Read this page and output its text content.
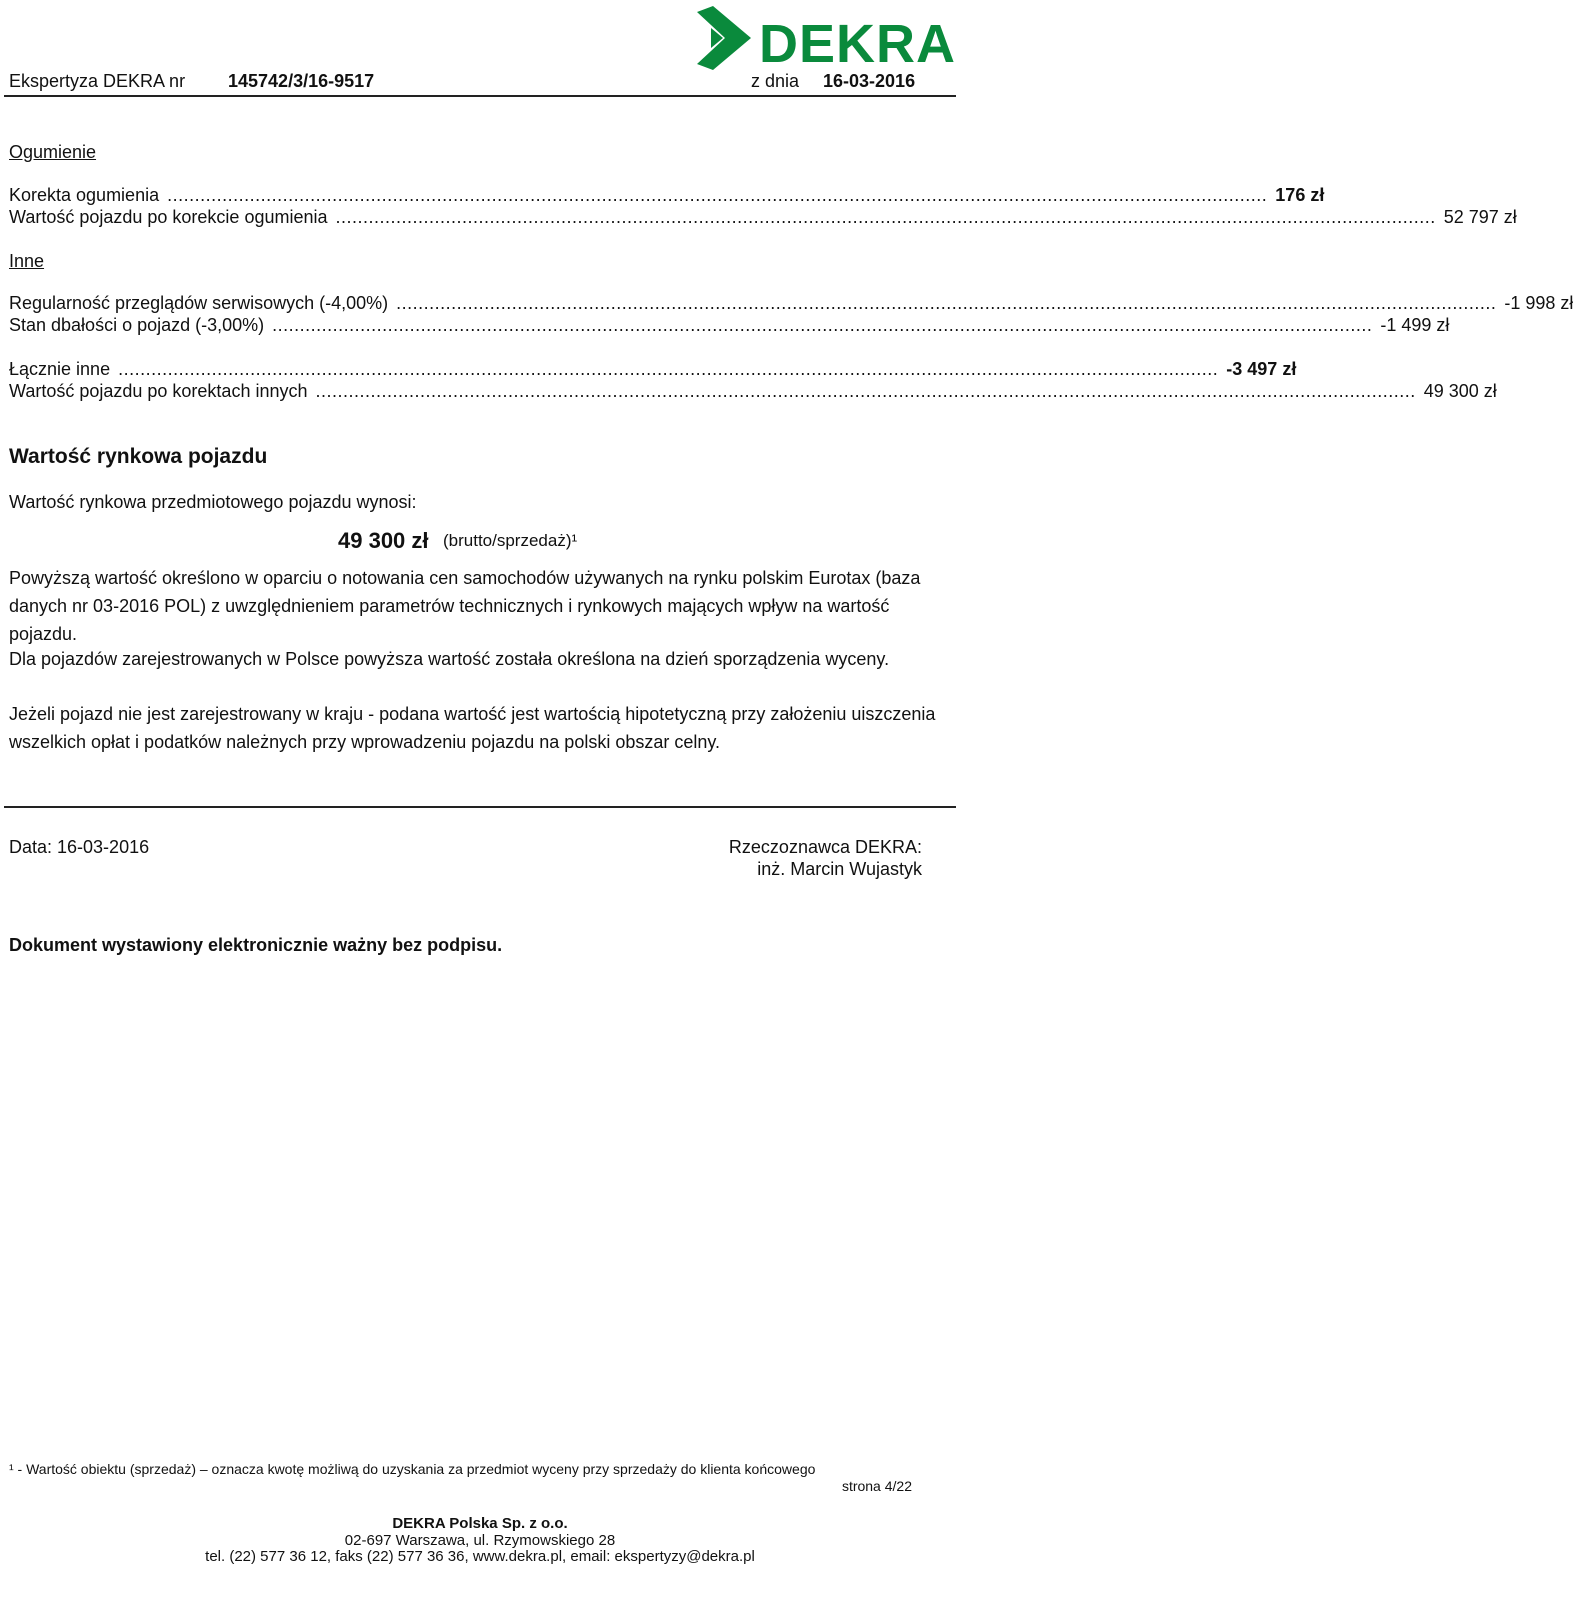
DEKRA
Ekspertyza DEKRA nr 145742/3/16-9517	z dnia 16-03-2016
Ogumienie
Korekta ogumienia ........................................................................................................................................................................................................ 176 zł
Wartość pojazdu po korekcie ogumienia ........................................................................................................................................................................................................ 52 797 zł
Inne
Regularność przeglądów serwisowych (-4,00%) ........................................................................................................................................................................................................ -1 998 zł
Stan dbałości o pojazd (-3,00%) ........................................................................................................................................................................................................ -1 499 zł
Łącznie inne ........................................................................................................................................................................................................ -3 497 zł
Wartość pojazdu po korektach innych ........................................................................................................................................................................................................ 49 300 zł
Wartość rynkowa pojazdu
Wartość rynkowa przedmiotowego pojazdu wynosi:
49 300 zł (brutto/sprzedaż)¹
Powyższą wartość określono w oparciu o notowania cen samochodów używanych na rynku polskim Eurotax (baza danych nr 03-2016 POL) z uwzględnieniem parametrów technicznych i rynkowych mających wpływ na wartość pojazdu.
Dla pojazdów zarejestrowanych w Polsce powyższa wartość została określona na dzień sporządzenia wyceny.
Jeżeli pojazd nie jest zarejestrowany w kraju - podana wartość jest wartością hipotetyczną przy założeniu uiszczenia wszelkich opłat i podatków należnych przy wprowadzeniu pojazdu na polski obszar celny.
Data: 16-03-2016	Rzeczoznawca DEKRA:
inż. Marcin Wujastyk
Dokument wystawiony elektronicznie ważny bez podpisu.
¹ - Wartość obiektu (sprzedaż) – oznacza kwotę możliwą do uzyskania za przedmiot wyceny przy sprzedaży do klienta końcowego
strona 4/22
DEKRA Polska Sp. z o.o.
02-697 Warszawa, ul. Rzymowskiego 28
tel. (22) 577 36 12, faks (22) 577 36 36, www.dekra.pl, email: ekspertyzy@dekra.pl
